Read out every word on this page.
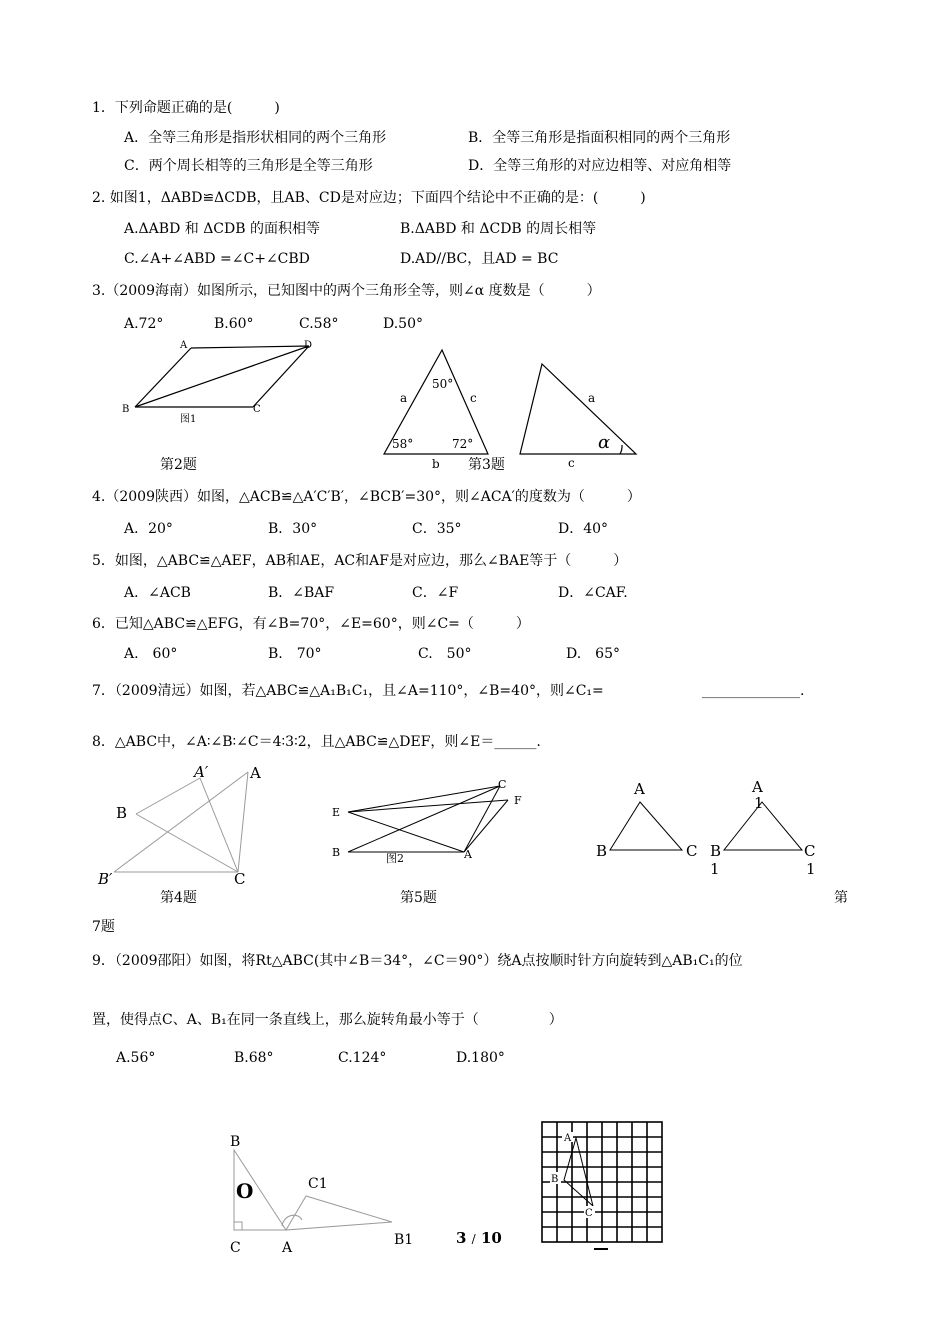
1．下列命题正确的是(　　　)
A．全等三角形是指形状相同的两个三角形	B．全等三角形是指面积相同的两个三角形
C．两个周长相等的三角形是全等三角形	D．全等三角形的对应边相等、对应角相等
2. 如图1，ΔABD≌ΔCDB，且AB、CD是对应边；下面四个结论中不正确的是：(　　　)
A.ΔABD 和 ΔCDB 的面积相等	B.ΔABD 和 ΔCDB 的周长相等
C.∠A+∠ABD =∠C+∠CBD	D.AD//BC，且AD = BC
3.（2009海南）如图所示，已知图中的两个三角形全等，则∠α 度数是（　　　）
A.72°	B.60°	C.58°	D.50°
A	D
B	C
图1
50°
58°	72°
a	c
b
a
c
α
第2题	第3题
4.（2009陕西）如图，△ACB≌△A′C′B′，∠BCB′=30°，则∠ACA′的度数为（　　　）
A．20°	B．30°	C．35°	D．40°
5．如图，△ABC≌△AEF，AB和AE，AC和AF是对应边，那么∠BAE等于（　　　）
A．∠ACB	B．∠BAF	C．∠F	D．∠CAF.
6．已知△ABC≌△EFG，有∠B=70°，∠E=60°，则∠C=（　　　）
A.　60°	B.　70°	C.　50°	D.　65°
7．（2009清远）如图，若△ABC≌△A₁B₁C₁，且∠A=110°，∠B=40°，则∠C₁=	______________.
8．△ABC中，∠A∶∠B∶∠C＝4∶3∶2，且△ABC≌△DEF，则∠E＝______.
A′	A
B
B′	C
C
F
E
B	A
图2
A
B	C
A
1
B
1
C
1
第4题	第5题	第
7题
9．（2009邵阳）如图，将Rt△ABC(其中∠B＝34°，∠C＝90°）绕A点按顺时针方向旋转到△AB₁C₁的位
置，使得点C、A、B₁在同一条直线上，那么旋转角最小等于（　　　　　）
A.56°	B.68°	C.124°	D.180°
B
O	C1
C	A	B1	3 / 10
A
B
C
